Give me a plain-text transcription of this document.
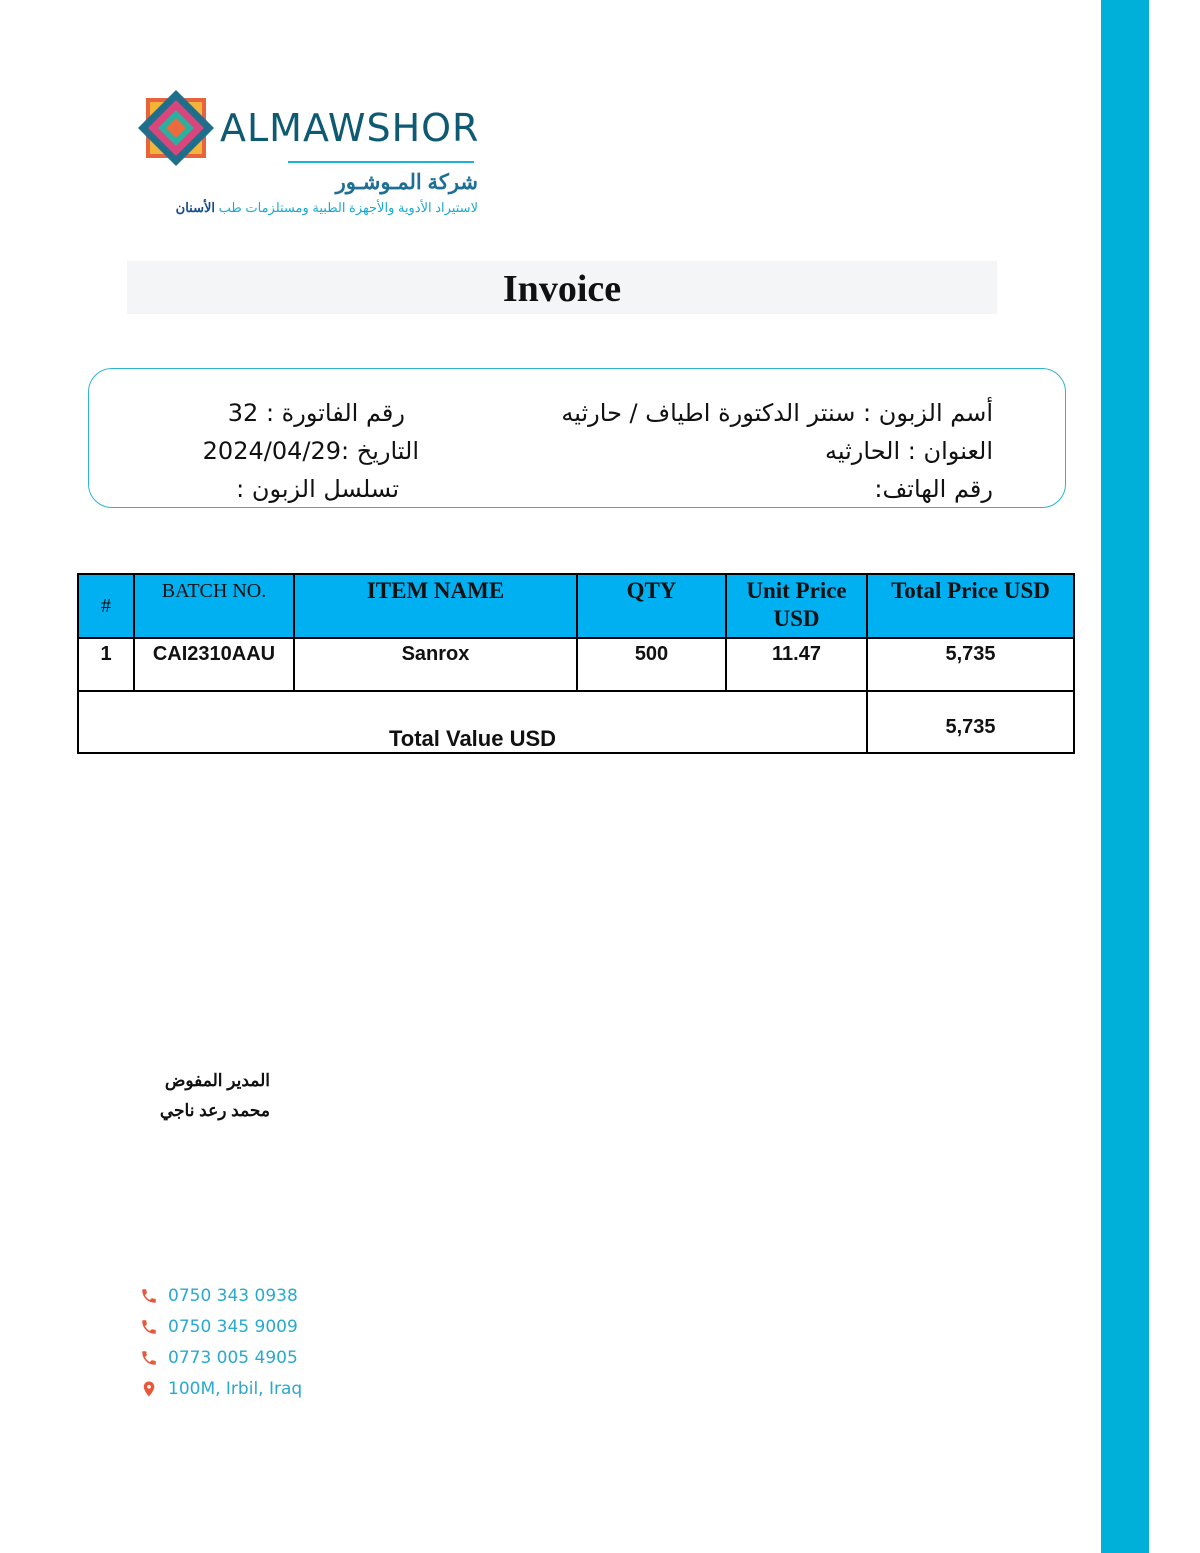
ALMAWSHOR
شركة المـوشـور
لاستيراد الأدوية والأجهزة الطبية ومستلزمات طب الأسنان
Invoice
أسم الزبون : سنتر الدكتورة اطياف / حارثيه
العنوان : الحارثيه
رقم الهاتف:
رقم الفاتورة : 32
التاريخ :2024/04/29
تسلسل الزبون :
#	BATCH NO.	ITEM NAME	QTY	Unit Price USD	Total Price USD
1	CAI2310AAU	Sanrox	500	11.47	5,735
Total Value USD					5,735
المدير المفوض
محمد رعد ناجي
0750 343 0938
0750 345 9009
0773 005 4905
100M, Irbil, Iraq
